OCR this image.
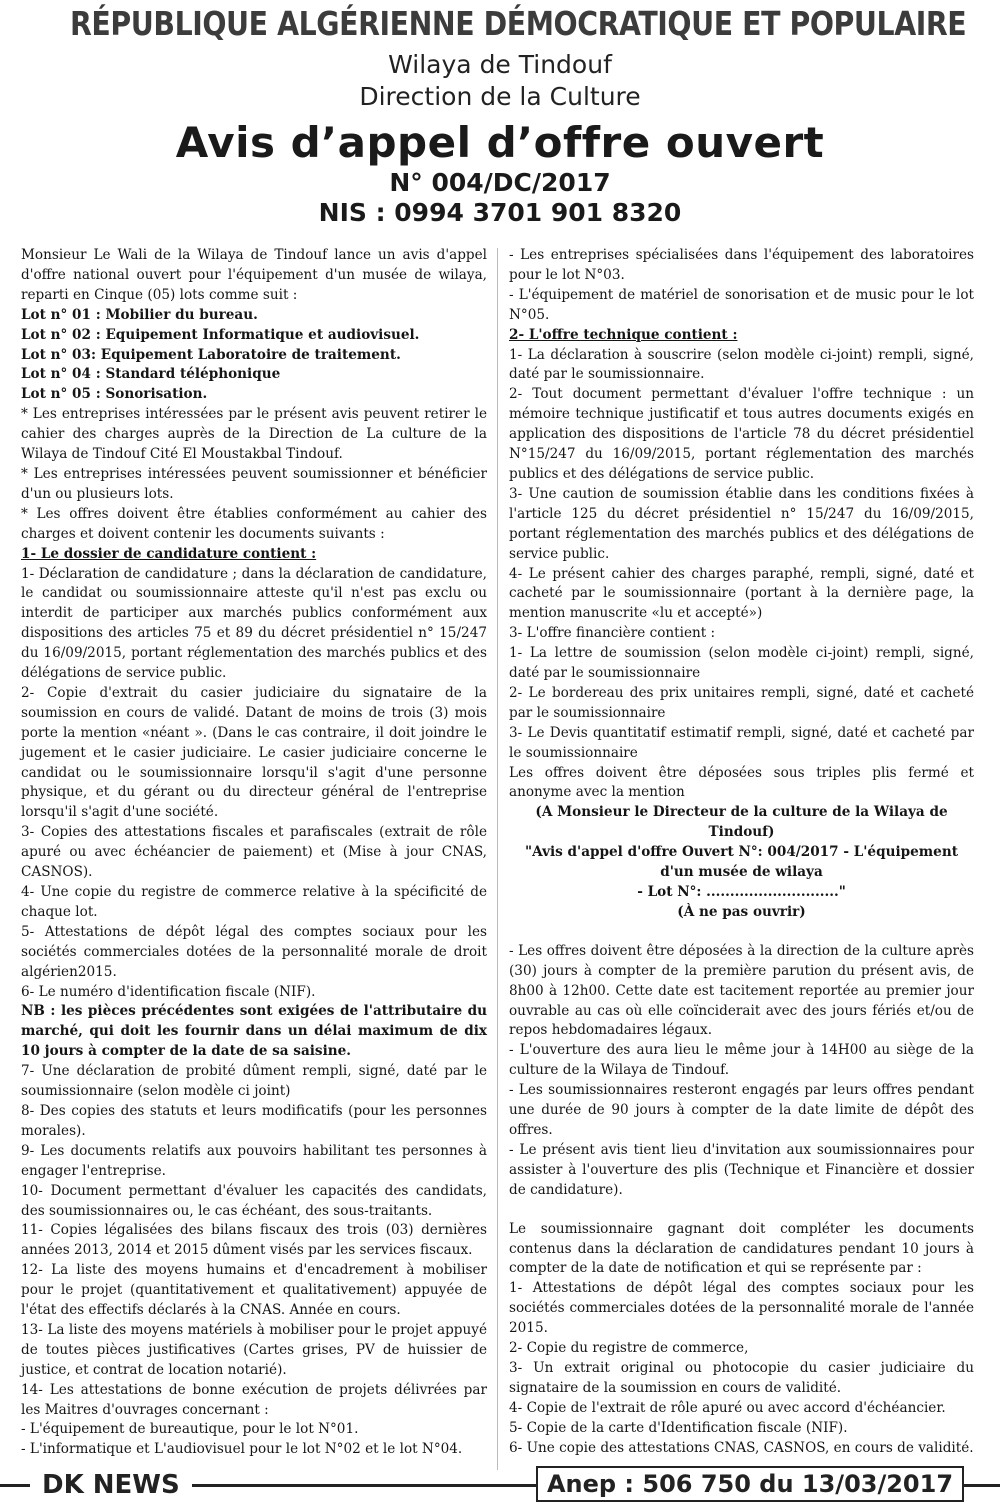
RÉPUBLIQUE ALGÉRIENNE DÉMOCRATIQUE ET POPULAIRE
Wilaya de Tindouf
Direction de la Culture
Avis d’appel d’offre ouvert
N° 004/DC/2017
NIS : 0994 3701 901 8320

Monsieur Le Wali de la Wilaya de Tindouf lance un avis d'appel d'offre national ouvert pour l'équipement d'un musée de wilaya, reparti en Cinque (05) lots comme suit :

Lot n° 01 : Mobilier du bureau.

Lot n° 02 : Equipement Informatique et audiovisuel.

Lot n° 03: Equipement Laboratoire de traitement.

Lot n° 04 : Standard téléphonique

Lot n° 05 : Sonorisation.

* Les entreprises intéressées par le présent avis peuvent retirer le cahier des charges auprès de la Direction de La culture de la Wilaya de Tindouf Cité El Moustakbal Tindouf.

* Les entreprises intéressées peuvent soumissionner et bénéficier d'un ou plusieurs lots.

* Les offres doivent être établies conformément au cahier des charges et doivent contenir les documents suivants :

1- Le dossier de candidature contient :

1- Déclaration de candidature ; dans la déclaration de candidature, le candidat ou soumissionnaire atteste qu'il n'est pas exclu ou interdit de participer aux marchés publics conformément aux dispositions des articles 75 et 89 du décret présidentiel n° 15/247 du 16/09/2015, portant réglementation des marchés publics et des délégations de service public.

2- Copie d'extrait du casier judiciaire du signataire de la soumission en cours de validé. Datant de moins de trois (3) mois porte la mention «néant ». (Dans le cas contraire, il doit joindre le jugement et le casier judiciaire. Le casier judiciaire concerne le candidat ou le soumissionnaire lorsqu'il s'agit d'une personne physique, et du gérant ou du directeur général de l'entreprise lorsqu'il s'agit d'une société.

3- Copies des attestations fiscales et parafiscales (extrait de rôle apuré ou avec échéancier de paiement) et (Mise à jour CNAS, CASNOS).

4- Une copie du registre de commerce relative à la spécificité de chaque lot.

5- Attestations de dépôt légal des comptes sociaux pour les sociétés commerciales dotées de la personnalité morale de droit algérien2015.

6- Le numéro d'identification fiscale (NIF).

NB : les pièces précédentes sont exigées de l'attributaire du marché, qui doit les fournir dans un délai maximum de dix 10 jours à compter de la date de sa saisine.

7- Une déclaration de probité dûment rempli, signé, daté par le soumissionnaire (selon modèle ci joint)

8- Des copies des statuts et leurs modificatifs (pour les personnes morales).

9- Les documents relatifs aux pouvoirs habilitant tes personnes à engager l'entreprise.

10- Document permettant d'évaluer les capacités des candidats, des soumissionnaires ou, le cas échéant, des sous-traitants.

11- Copies légalisées des bilans fiscaux des trois (03) dernières années 2013, 2014 et 2015 dûment visés par les services fiscaux.

12- La liste des moyens humains et d'encadrement à mobiliser pour le projet (quantitativement et qualitativement) appuyée de l'état des effectifs déclarés à la CNAS. Année en cours.

13- La liste des moyens matériels à mobiliser pour le projet appuyé de toutes pièces justificatives (Cartes grises, PV de huissier de justice, et contrat de location notarié).

14- Les attestations de bonne exécution de projets délivrées par les Maitres d'ouvrages concernant :

- L'équipement de bureautique, pour le lot N°01.

- L'informatique et L'audiovisuel pour le lot N°02 et le lot N°04.

- Les entreprises spécialisées dans l'équipement des laboratoires pour le lot N°03.

- L'équipement de matériel de sonorisation et de music pour le lot N°05.

2- L'offre technique contient :

1- La déclaration à souscrire (selon modèle ci-joint) rempli, signé, daté par le soumissionnaire.

2- Tout document permettant d'évaluer l'offre technique : un mémoire technique justificatif et tous autres documents exigés en application des dispositions de l'article 78 du décret présidentiel N°15/247 du 16/09/2015, portant réglementation des marchés publics et des délégations de service public.

3- Une caution de soumission établie dans les conditions fixées à l'article 125 du décret présidentiel n° 15/247 du 16/09/2015, portant réglementation des marchés publics et des délégations de service public.

4- Le présent cahier des charges paraphé, rempli, signé, daté et cacheté par le soumissionnaire (portant à la dernière page, la mention manuscrite «lu et accepté»)

3- L'offre financière contient :

1- La lettre de soumission (selon modèle ci-joint) rempli, signé, daté par le soumissionnaire

2- Le bordereau des prix unitaires rempli, signé, daté et cacheté par le soumissionnaire

3- Le Devis quantitatif estimatif rempli, signé, daté et cacheté par le soumissionnaire

Les offres doivent être déposées sous triples plis fermé et anonyme avec la mention

(A Monsieur le Directeur de la culture de la Wilaya de Tindouf)

"Avis d'appel d'offre Ouvert N°: 004/2017 - L'équipement d'un musée de wilaya

- Lot N°: ............................"

(À ne pas ouvrir)

- Les offres doivent être déposées à la direction de la culture après (30) jours à compter de la première parution du présent avis, de 8h00 à 12h00. Cette date est tacitement reportée au premier jour ouvrable au cas où elle coïnciderait avec des jours fériés et/ou de repos hebdomadaires légaux.

- L'ouverture des aura lieu le même jour à 14H00 au siège de la culture de la Wilaya de Tindouf.

- Les soumissionnaires resteront engagés par leurs offres pendant une durée de 90 jours à compter de la date limite de dépôt des offres.

- Le présent avis tient lieu d'invitation aux soumissionnaires pour assister à l'ouverture des plis (Technique et Financière et dossier de candidature).

Le soumissionnaire gagnant doit compléter les documents contenus dans la déclaration de candidatures pendant 10 jours à compter de la date de notification et qui se représente par :

1- Attestations de dépôt légal des comptes sociaux pour les sociétés commerciales dotées de la personnalité morale de l'année 2015.

2- Copie du registre de commerce,

3- Un extrait original ou photocopie du casier judiciaire du signataire de la soumission en cours de validité.

4- Copie de l'extrait de rôle apuré ou avec accord d'échéancier.

5- Copie de la carte d'Identification fiscale (NIF).

6- Une copie des attestations CNAS, CASNOS, en cours de validité.

DK NEWS	Anep : 506 750 du 13/03/2017
